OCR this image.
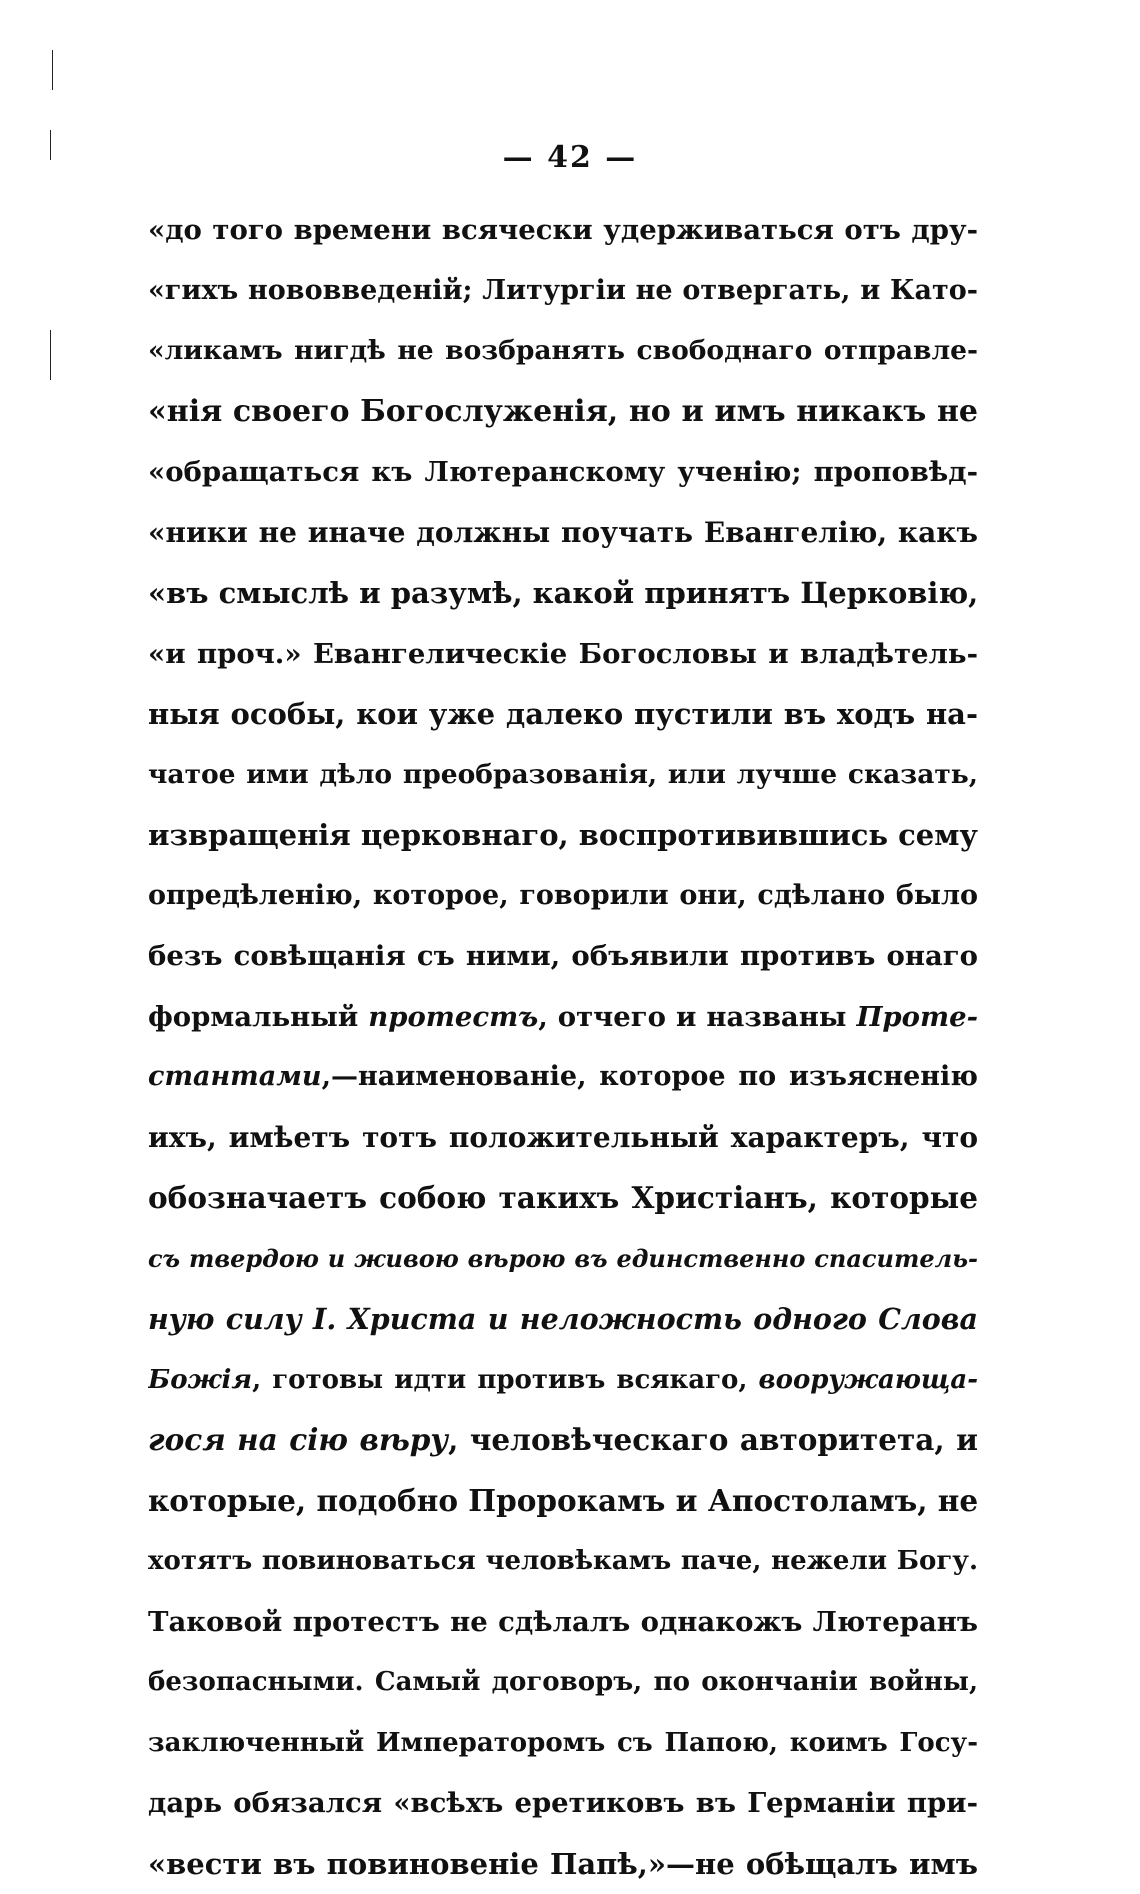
— 42 —
«до того времени всячески удерживаться отъ дру-
«гихъ нововведеній; Литургіи не отвергать, и Като-
«ликамъ нигдѣ не возбранять свободнаго отправле-
«нія своего Богослуженія, но и имъ никакъ не
«обращаться къ Лютеранскому ученію; проповѣд-
«ники не иначе должны поучать Евангелію, какъ
«въ смыслѣ и разумѣ, какой принятъ Церковію,
«и проч.» Евангелическіе Богословы и владѣтель-
ныя особы, кои уже далеко пустили въ ходъ на-
чатое ими дѣло преобразованія, или лучше сказать,
извращенія церковнаго, воспротивившись сему
опредѣленію, которое, говорили они, сдѣлано было
безъ совѣщанія съ ними, объявили противъ онаго
формальный протестъ, отчего и названы Проте-
стантами,—наименованіе, которое по изъясненію
ихъ, имѣетъ тотъ положительный характеръ, что
обозначаетъ собою такихъ Христіанъ, которые
съ твердою и живою вѣрою въ единственно спаситель-
ную силу І. Христа и неложность одного Слова
Божія, готовы идти противъ всякаго, вооружающа-
гося на сію вѣру, человѣческаго авторитета, и
которые, подобно Пророкамъ и Апостоламъ, не
хотятъ повиноваться человѣкамъ паче, нежели Богу.
Таковой протестъ не сдѣлалъ однакожъ Лютеранъ
безопасными. Самый договоръ, по окончаніи войны,
заключенный Императоромъ съ Папою, коимъ Госу-
дарь обязался «всѣхъ еретиковъ въ Германіи при-
«вести въ повиновеніе Папѣ,»—не обѣщалъ имъ
